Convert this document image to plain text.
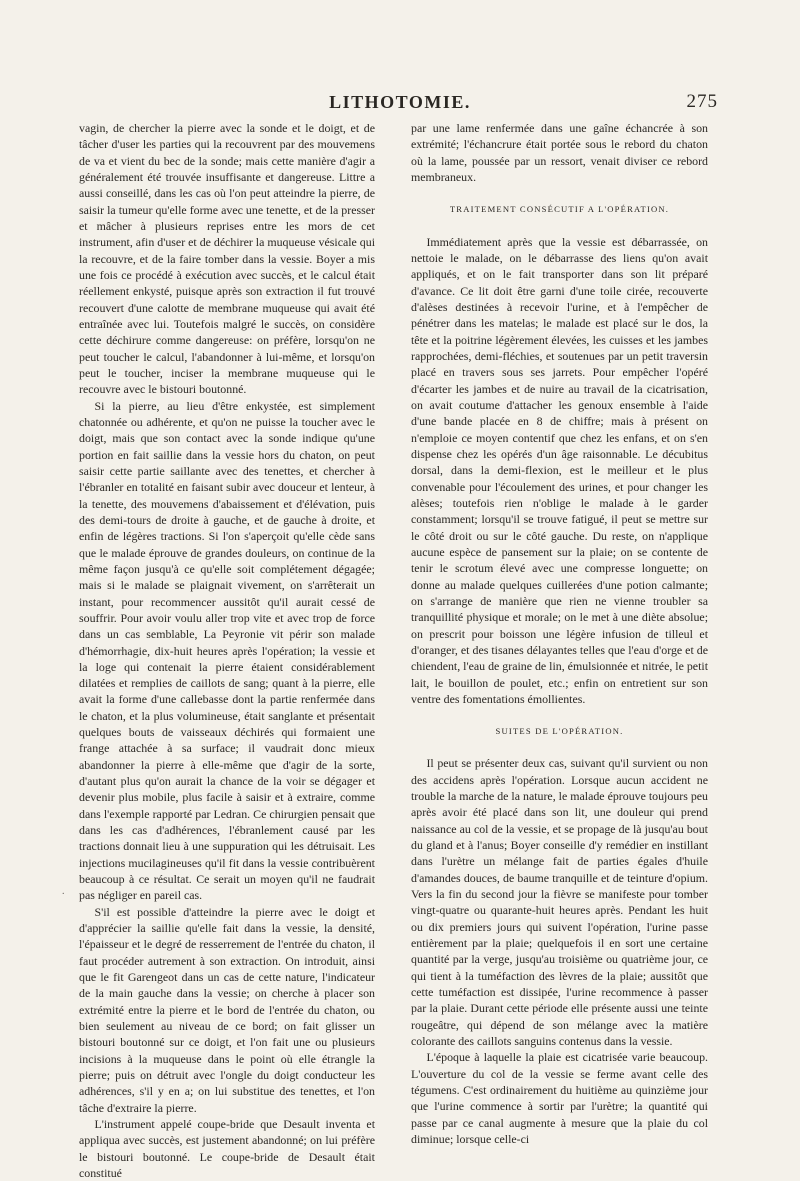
LITHOTOMIE.	275
.

vagin, de chercher la pierre avec la sonde et le doigt, et de tâcher d'user les parties qui la recouvrent par des mouvemens de va et vient du bec de la sonde; mais cette manière d'agir a généralement été trouvée insuffisante et dangereuse. Littre a aussi conseillé, dans les cas où l'on peut atteindre la pierre, de saisir la tumeur qu'elle forme avec une tenette, et de la presser et mâcher à plusieurs reprises entre les mors de cet instrument, afin d'user et de déchirer la muqueuse vésicale qui la recouvre, et de la faire tomber dans la vessie. Boyer a mis une fois ce procédé à exécution avec succès, et le calcul était réellement enkysté, puisque après son extraction il fut trouvé recouvert d'une calotte de membrane muqueuse qui avait été entraînée avec lui. Toutefois malgré le succès, on considère cette déchirure comme dangereuse: on préfère, lorsqu'on ne peut toucher le calcul, l'abandonner à lui-même, et lorsqu'on peut le toucher, inciser la membrane muqueuse qui le recouvre avec le bistouri boutonné.

Si la pierre, au lieu d'être enkystée, est simplement chatonnée ou adhérente, et qu'on ne puisse la toucher avec le doigt, mais que son contact avec la sonde indique qu'une portion en fait saillie dans la vessie hors du chaton, on peut saisir cette partie saillante avec des tenettes, et chercher à l'ébranler en totalité en faisant subir avec douceur et lenteur, à la tenette, des mouvemens d'abaissement et d'élévation, puis des demi-tours de droite à gauche, et de gauche à droite, et enfin de légères tractions. Si l'on s'aperçoit qu'elle cède sans que le malade éprouve de grandes douleurs, on continue de la même façon jusqu'à ce qu'elle soit complétement dégagée; mais si le malade se plaignait vivement, on s'arrêterait un instant, pour recommencer aussitôt qu'il aurait cessé de souffrir. Pour avoir voulu aller trop vite et avec trop de force dans un cas semblable, La Peyronie vit périr son malade d'hémorrhagie, dix-huit heures après l'opération; la vessie et la loge qui contenait la pierre étaient considérablement dilatées et remplies de caillots de sang; quant à la pierre, elle avait la forme d'une callebasse dont la partie renfermée dans le chaton, et la plus volumineuse, était sanglante et présentait quelques bouts de vaisseaux déchirés qui formaient une frange attachée à sa surface; il vaudrait donc mieux abandonner la pierre à elle-même que d'agir de la sorte, d'autant plus qu'on aurait la chance de la voir se dégager et devenir plus mobile, plus facile à saisir et à extraire, comme dans l'exemple rapporté par Ledran. Ce chirurgien pensait que dans les cas d'adhérences, l'ébranlement causé par les tractions donnait lieu à une suppuration qui les détruisait. Les injections mucilagineuses qu'il fit dans la vessie contribuèrent beaucoup à ce résultat. Ce serait un moyen qu'il ne faudrait pas négliger en pareil cas.

S'il est possible d'atteindre la pierre avec le doigt et d'apprécier la saillie qu'elle fait dans la vessie, la densité, l'épaisseur et le degré de resserrement de l'entrée du chaton, il faut procéder autrement à son extraction. On introduit, ainsi que le fit Garengeot dans un cas de cette nature, l'indicateur de la main gauche dans la vessie; on cherche à placer son extrémité entre la pierre et le bord de l'entrée du chaton, ou bien seulement au niveau de ce bord; on fait glisser un bistouri boutonné sur ce doigt, et l'on fait une ou plusieurs incisions à la muqueuse dans le point où elle étrangle la pierre; puis on détruit avec l'ongle du doigt conducteur les adhérences, s'il y en a; on lui substitue des tenettes, et l'on tâche d'extraire la pierre.

L'instrument appelé coupe-bride que Desault inventa et appliqua avec succès, est justement abandonné; on lui préfère le bistouri boutonné. Le coupe-bride de Desault était constitué

par une lame renfermée dans une gaîne échancrée à son extrémité; l'échancrure était portée sous le rebord du chaton où la lame, poussée par un ressort, venait diviser ce rebord membraneux.

TRAITEMENT CONSÉCUTIF A L'OPÉRATION.

Immédiatement après que la vessie est débarrassée, on nettoie le malade, on le débarrasse des liens qu'on avait appliqués, et on le fait transporter dans son lit préparé d'avance. Ce lit doit être garni d'une toile cirée, recouverte d'alèses destinées à recevoir l'urine, et à l'empêcher de pénétrer dans les matelas; le malade est placé sur le dos, la tête et la poitrine légèrement élevées, les cuisses et les jambes rapprochées, demi-fléchies, et soutenues par un petit traversin placé en travers sous ses jarrets. Pour empêcher l'opéré d'écarter les jambes et de nuire au travail de la cicatrisation, on avait coutume d'attacher les genoux ensemble à l'aide d'une bande placée en 8 de chiffre; mais à présent on n'emploie ce moyen contentif que chez les enfans, et on s'en dispense chez les opérés d'un âge raisonnable. Le décubitus dorsal, dans la demi-flexion, est le meilleur et le plus convenable pour l'écoulement des urines, et pour changer les alèses; toutefois rien n'oblige le malade à le garder constamment; lorsqu'il se trouve fatigué, il peut se mettre sur le côté droit ou sur le côté gauche. Du reste, on n'applique aucune espèce de pansement sur la plaie; on se contente de tenir le scrotum élevé avec une compresse longuette; on donne au malade quelques cuillerées d'une potion calmante; on s'arrange de manière que rien ne vienne troubler sa tranquillité physique et morale; on le met à une diète absolue; on prescrit pour boisson une légère infusion de tilleul et d'oranger, et des tisanes délayantes telles que l'eau d'orge et de chiendent, l'eau de graine de lin, émulsionnée et nitrée, le petit lait, le bouillon de poulet, etc.; enfin on entretient sur son ventre des fomentations émollientes.

SUITES DE L'OPÉRATION.

Il peut se présenter deux cas, suivant qu'il survient ou non des accidens après l'opération. Lorsque aucun accident ne trouble la marche de la nature, le malade éprouve toujours peu après avoir été placé dans son lit, une douleur qui prend naissance au col de la vessie, et se propage de là jusqu'au bout du gland et à l'anus; Boyer conseille d'y remédier en instillant dans l'urètre un mélange fait de parties égales d'huile d'amandes douces, de baume tranquille et de teinture d'opium. Vers la fin du second jour la fièvre se manifeste pour tomber vingt-quatre ou quarante-huit heures après. Pendant les huit ou dix premiers jours qui suivent l'opération, l'urine passe entièrement par la plaie; quelquefois il en sort une certaine quantité par la verge, jusqu'au troisième ou quatrième jour, ce qui tient à la tuméfaction des lèvres de la plaie; aussitôt que cette tuméfaction est dissipée, l'urine recommence à passer par la plaie. Durant cette période elle présente aussi une teinte rougeâtre, qui dépend de son mélange avec la matière colorante des caillots sanguins contenus dans la vessie.

L'époque à laquelle la plaie est cicatrisée varie beaucoup. L'ouverture du col de la vessie se ferme avant celle des tégumens. C'est ordinairement du huitième au quinzième jour que l'urine commence à sortir par l'urètre; la quantité qui passe par ce canal augmente à mesure que la plaie du col diminue; lorsque celle-ci
